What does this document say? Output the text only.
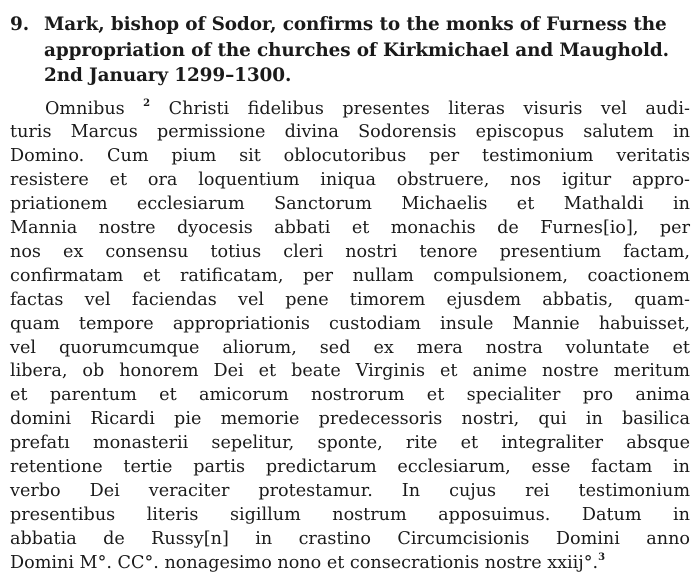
9. Mark, bishop of Sodor, confirms to the monks of Furness the
appropriation of the churches of Kirkmichael and Maughold.
2nd January 1299–1300.
Omnibus $^2$ Christi fidelibus presentes literas visuris vel audi-
turis Marcus permissione divina Sodorensis episcopus salutem in
Domino. Cum pium sit oblocutoribus per testimonium veritatis
resistere et ora loquentium iniqua obstruere, nos igitur appro-
priationem ecclesiarum Sanctorum Michaelis et Mathaldi in
Mannia nostre dyocesis abbati et monachis de Furnes[io], per
nos ex consensu totius cleri nostri tenore presentium factam,
confirmatam et ratificatam, per nullam compulsionem, coactionem
factas vel faciendas vel pene timorem ejusdem abbatis, quam-
quam tempore appropriationis custodiam insule Mannie habuisset,
vel quorumcumque aliorum, sed ex mera nostra voluntate et
libera, ob honorem Dei et beate Virginis et anime nostre meritum
et parentum et amicorum nostrorum et specialiter pro anima
domini Ricardi pie memorie predecessoris nostri, qui in basilica
prefatı monasterii sepelitur, sponte, rite et integraliter absque
retentione tertie partis predictarum ecclesiarum, esse factam in
verbo Dei veraciter protestamur. In cujus rei testimonium
presentibus literis sigillum nostrum apposuimus. Datum in
abbatia de Russy[n] in crastino Circumcisionis Domini anno
Domini M°. CC°. nonagesimo nono et consecrationis nostre xxiij°.$^3$
